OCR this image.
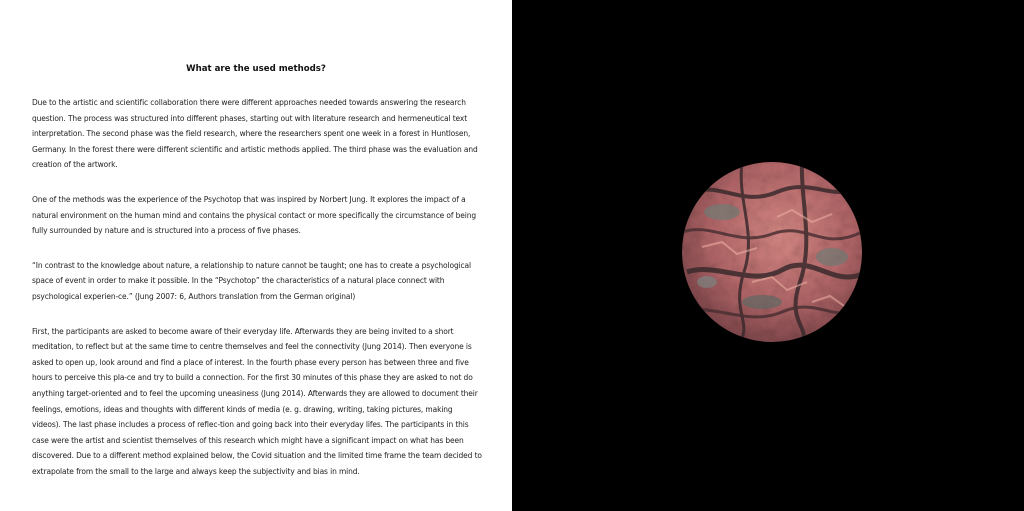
What are the used methods?

Due to the artistic and scientific collaboration there were different approaches needed towards answering the research question. The process was structured into different phases, starting out with literature research and hermeneutical text interpretation. The second phase was the field research, where the researchers spent one week in a forest in Huntlosen, Germany. In the forest there were different scientific and artistic methods applied. The third phase was the evaluation and creation of the artwork.

One of the methods was the experience of the Psychotop that was inspired by Norbert Jung. It explores the impact of a natural environment on the human mind and contains the physical contact or more specifically the circumstance of being fully surrounded by nature and is structured into a process of five phases.

“In contrast to the knowledge about nature, a relationship to nature cannot be taught; one has to create a psychological space of event in order to make it possible. In the “Psychotop” the characteristics of a natural place connect with psychological experien-ce.” (Jung 2007: 6, Authors translation from the German original)

First, the participants are asked to become aware of their everyday life. Afterwards they are being invited to a short meditation, to reflect but at the same time to centre themselves and feel the connectivity (Jung 2014). Then everyone is asked to open up, look around and find a place of interest. In the fourth phase every person has between three and five hours to perceive this pla-ce and try to build a connection. For the first 30 minutes of this phase they are asked to not do anything target-oriented and to feel the upcoming uneasiness (Jung 2014). Afterwards they are allowed to document their feelings, emotions, ideas and thoughts with different kinds of media (e. g. drawing, writing, taking pictures, making videos). The last phase includes a process of reflec-tion and going back into their everyday lifes. The participants in this case were the artist and scientist themselves of this research which might have a significant impact on what has been discovered. Due to a different method explained below, the Covid situation and the limited time frame the team decided to extrapolate from the small to the large and always keep the subjectivity and bias in mind.
